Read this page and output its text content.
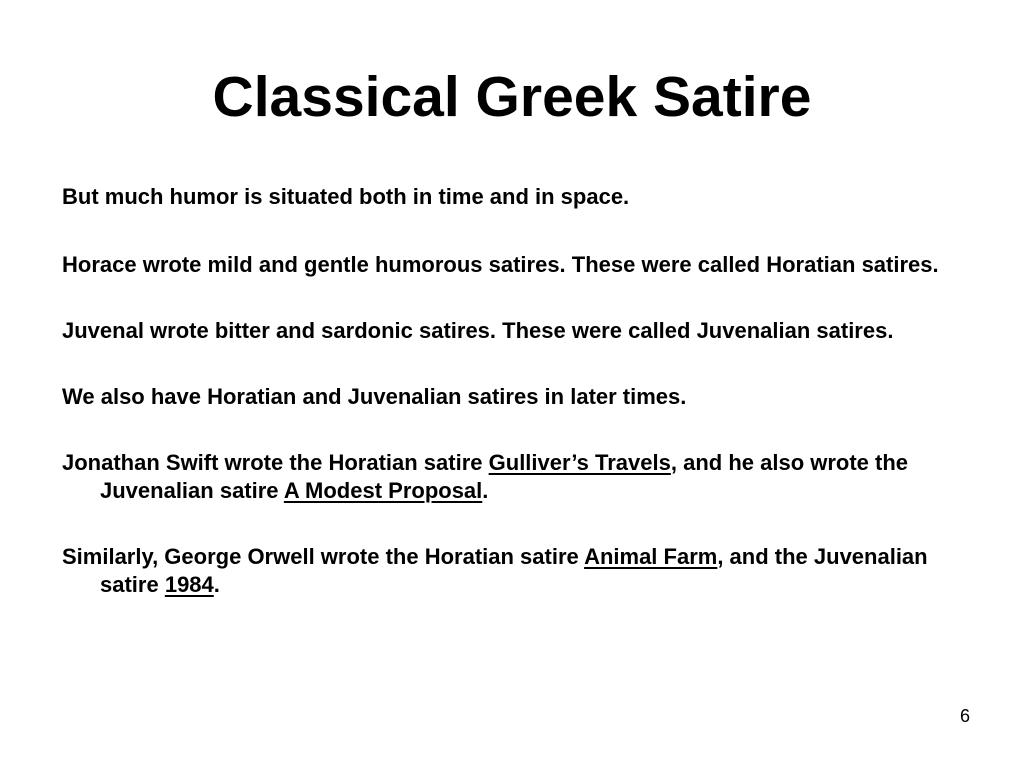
Classical Greek Satire
But much humor is situated both in time and in space.
Horace wrote mild and gentle humorous satires. These were called Horatian satires.
Juvenal wrote bitter and sardonic satires. These were called Juvenalian satires.
We also have Horatian and Juvenalian satires in later times.
Jonathan Swift wrote the Horatian satire Gulliver’s Travels, and he also wrote the Juvenalian satire A Modest Proposal.
Similarly, George Orwell wrote the Horatian satire Animal Farm, and the Juvenalian satire 1984.
6
